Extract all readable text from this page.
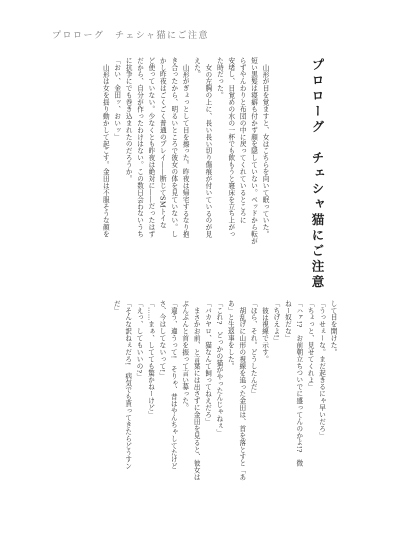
プロローグ　チェシャ猫にご注意
プロローグ　チェシャ猫にご注意
山形が目を覚ますと、女はこちらを向いて眠っていた。
短い黒髪は寝癖も付かず顔を隠していない。ベッドから転が
らずやんわりと布団の中に戻ってくれているところに
安堵し、目覚めの水の一杯でも飲もうと寝床を立ち上がっ
た時だった。
女の左胸の上に、長い長い切り傷痕が付いているのが見
えた。
山形がぎょっとして目を擦った。昨夜は帰宅するなり抱
き合ったから、明るいところで彼女の体を見ていない。し
かし昨夜はごくごく普通のプレイ――断じてSMトイな
ど使っていない。少なくとも昨夜は絶対に――だったはず
だから、自分が作ったわけはない。この数日会わないうち
に抗争にでも巻き込まれたのだろうか。
「おい、金田ッ、おいッ」
山形は女を揺り動かして起こす。金田は不服そうな顔を
して目を開けた。
「うっせぇーな。まだ起きるにゃ早いだろ」
「ちょっと、見せてくれよ」
「ハァ!?　お前朝立ちついでに盛ってんのかよ!?　微
ねー奴だな」
「ちげえよ!」
彼は視線で示す。
「ほら、それ。どうしたんだ」
胡乱げに山形の視線を追った金田は、首を落とすと「あ
あ」と生返事をした。
「これ?　どっかの猫がやったんじゃねぇ」
「バカヤロ、猫なんて飼ってねえだろ」
まさかお前、と言葉には出さずに金田を見ると、彼女は
ぷんぷんと首を振って言い募った。
「違う、違うって!　そりゃ、昔はやんちゃしてたけど
さ、今はしてないって!」
「……まぁ、してても驚かねーけど」
「えっ、してもいいの?」
「そんな訳ねぇだろ!　病気でも貰ってきたらどうすン
だ」
